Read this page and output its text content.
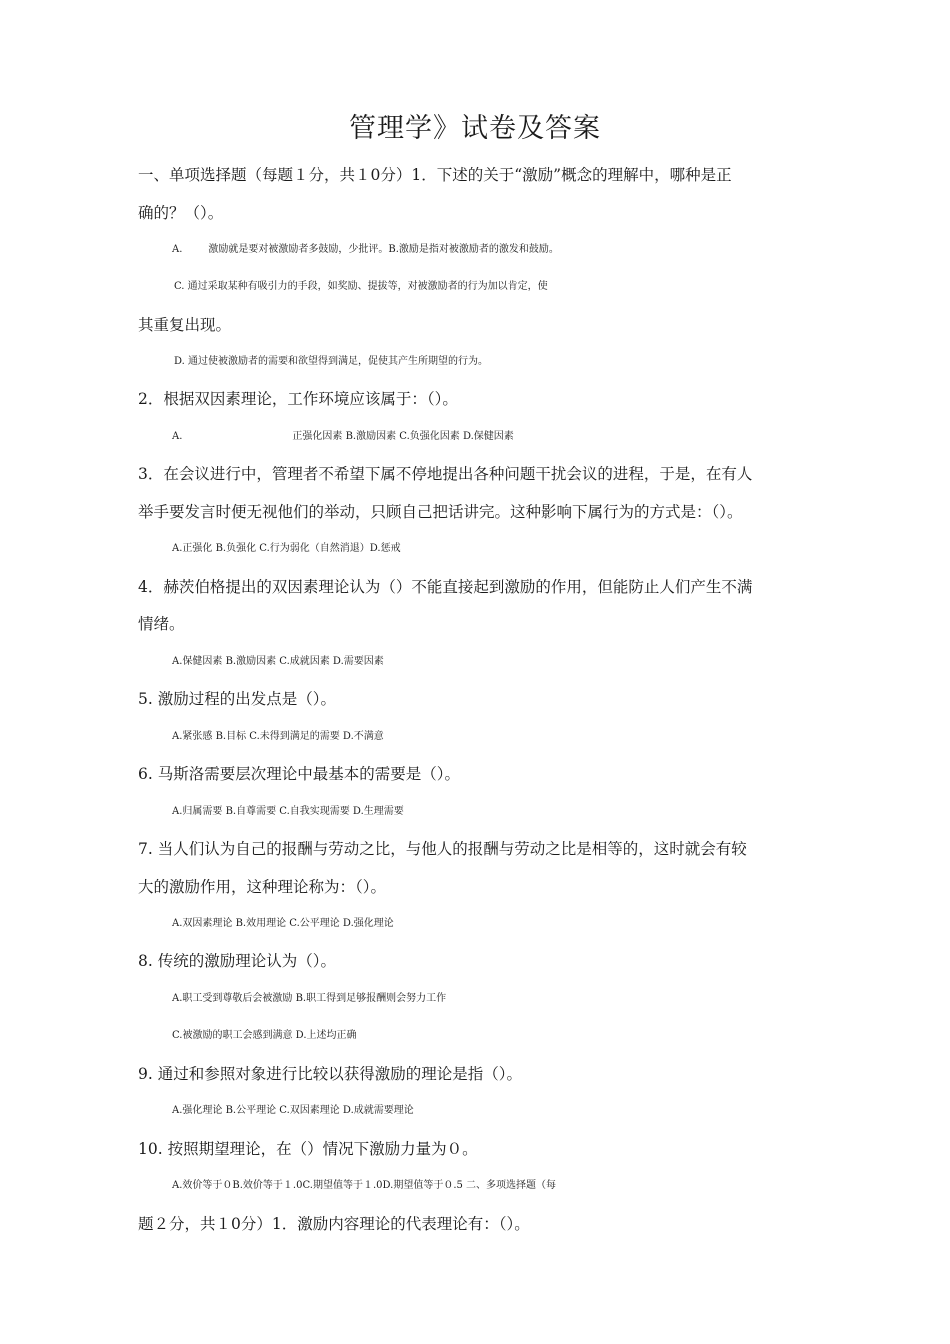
管理学》试卷及答案
一、单项选择题（每题１分，共１0分）1．下述的关于“激励”概念的理解中，哪种是正
确的？（）。
A.	激励就是要对被激励者多鼓励，少批评。B.激励是指对被激励者的激发和鼓励。
C. 通过采取某种有吸引力的手段，如奖励、提拔等，对被激励者的行为加以肯定，使
其重复出现。
D. 通过使被激励者的需要和欲望得到满足，促使其产生所期望的行为。
2．根据双因素理论，工作环境应该属于：（）。
A.	正强化因素 B.激励因素 C.负强化因素 D.保健因素
3．在会议进行中，管理者不希望下属不停地提出各种问题干扰会议的进程，于是，在有人
举手要发言时便无视他们的举动，只顾自己把话讲完。这种影响下属行为的方式是：（）。
A.正强化 B.负强化 C.行为弱化（自然消退）D.惩戒
4．赫茨伯格提出的双因素理论认为（）不能直接起到激励的作用，但能防止人们产生不满
情绪。
A.保健因素 B.激励因素 C.成就因素 D.需要因素
5. 激励过程的出发点是（）。
A.紧张感 B.目标 C.未得到满足的需要 D.不满意
6. 马斯洛需要层次理论中最基本的需要是（）。
A.归属需要 B.自尊需要 C.自我实现需要 D.生理需要
7. 当人们认为自己的报酬与劳动之比，与他人的报酬与劳动之比是相等的，这时就会有较
大的激励作用，这种理论称为：（）。
A.双因素理论 B.效用理论 C.公平理论 D.强化理论
8. 传统的激励理论认为（）。
A.职工受到尊敬后会被激励 B.职工得到足够报酬则会努力工作
C.被激励的职工会感到满意 D.上述均正确
9. 通过和参照对象进行比较以获得激励的理论是指（）。
A.强化理论 B.公平理论 C.双因素理论 D.成就需要理论
10. 按照期望理论，在（）情况下激励力量为０。
A.效价等于０B.效价等于１.0C.期望值等于１.0D.期望值等于０.5 二、多项选择题（每
题２分，共１0分）1．激励内容理论的代表理论有：（）。
